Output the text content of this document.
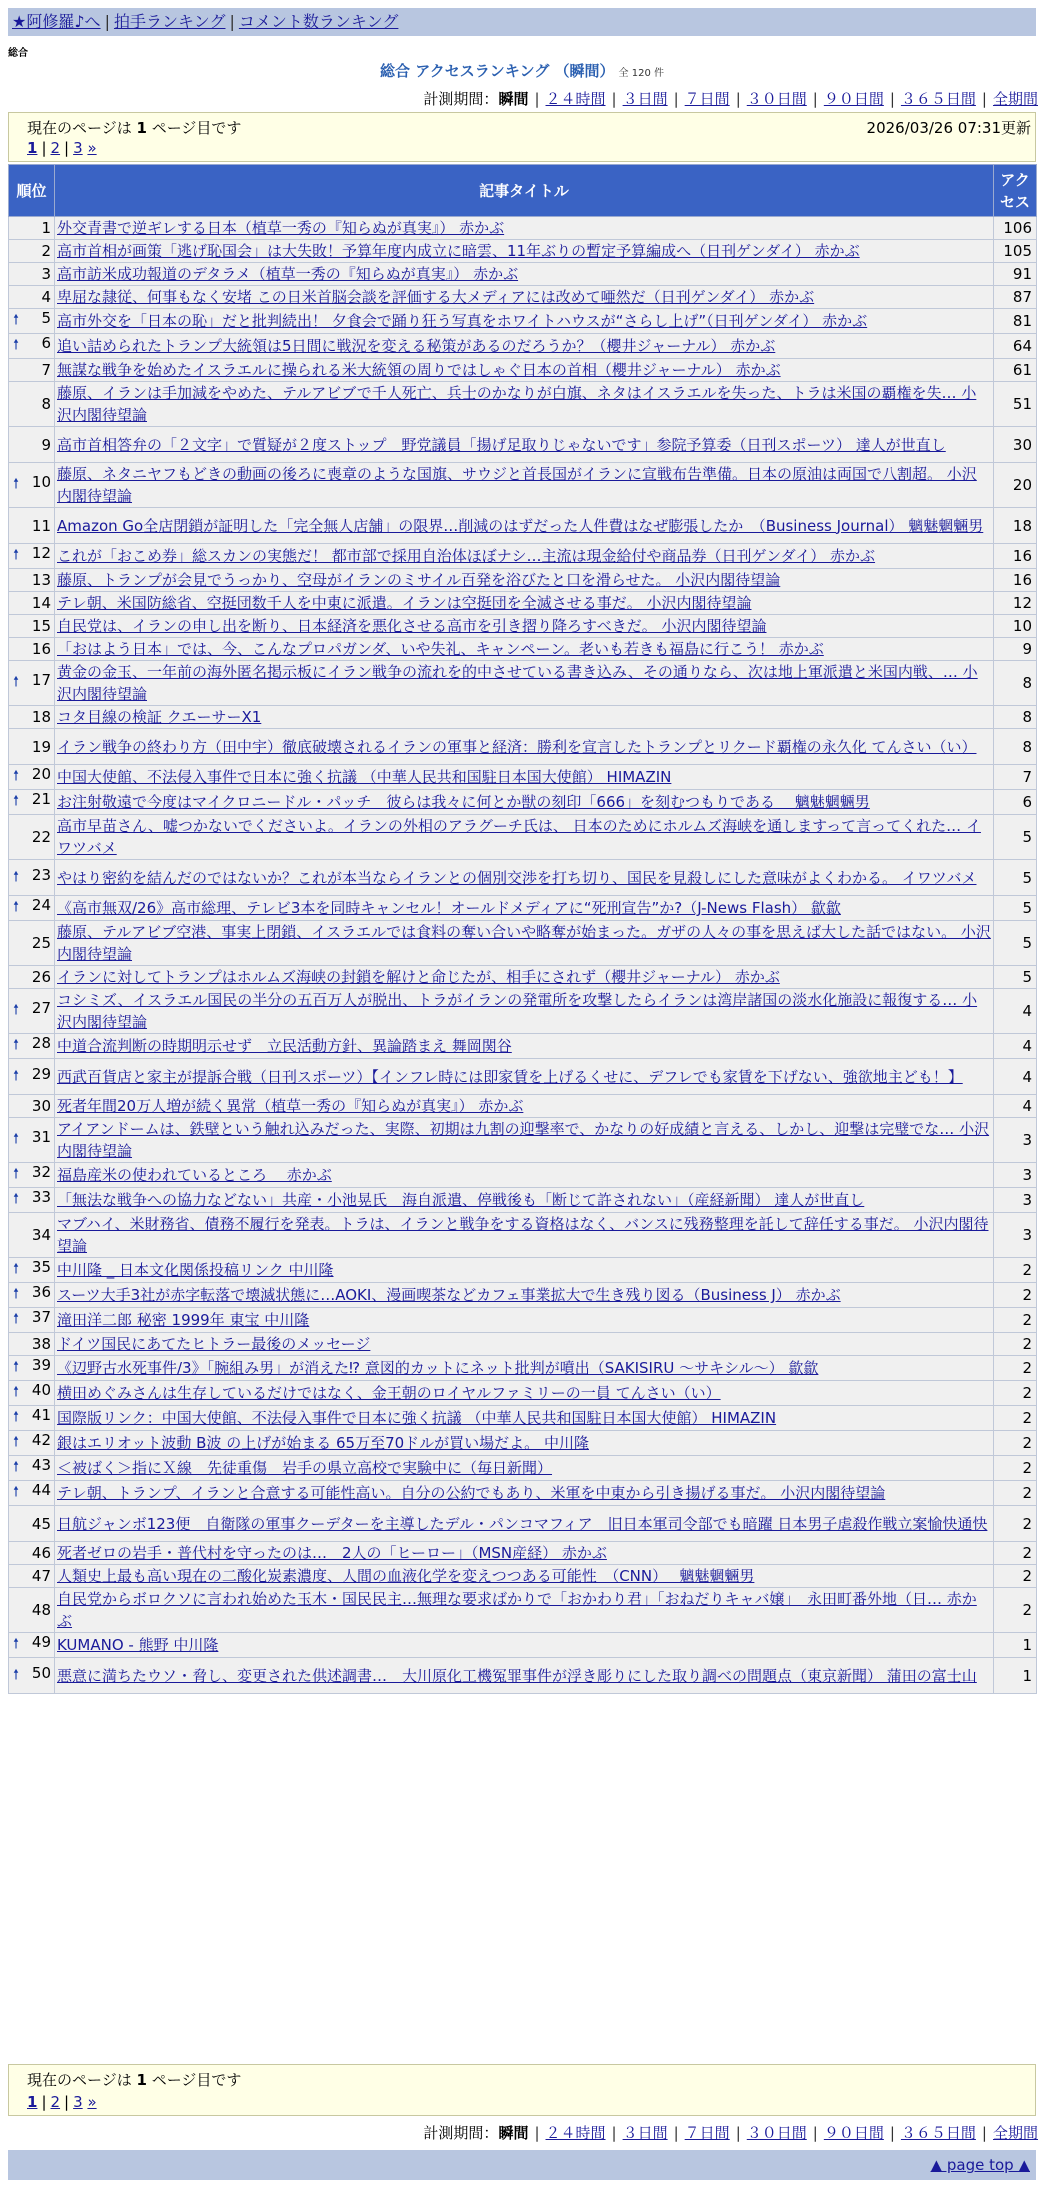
★阿修羅♪へ | 拍手ランキング | コメント数ランキング
総合
総合 アクセスランキング （瞬間） 全 120 件
計測期間：瞬間 | ２４時間 | ３日間 | ７日間 | ３０日間 | ９０日間 | ３６５日間 | 全期間
現在のページは 1 ページ目です	2026/03/26 07:31更新
1 | 2 | 3 »
順位	記事タイトル	アクセス
1	外交青書で逆ギレする日本（植草一秀の『知らぬが真実』） 赤かぶ	106
2	高市首相が画策「逃げ恥国会」は大失敗！予算年度内成立に暗雲、11年ぶりの暫定予算編成へ（日刊ゲンダイ） 赤かぶ	105
3	高市訪米成功報道のデタラメ（植草一秀の『知らぬが真実』） 赤かぶ	91
4	卑屈な隷従、何事もなく安堵 この日米首脳会談を評価する大メディアには改めて唖然だ（日刊ゲンダイ） 赤かぶ	87

🠕 5	高市外交を「日本の恥」だと批判続出！ 夕食会で踊り狂う写真をホワイトハウスが“さらし上げ”（日刊ゲンダイ） 赤かぶ	81

🠕 6	追い詰められたトランプ大統領は5日間に戦況を変える秘策があるのだろうか？（櫻井ジャーナル） 赤かぶ	64
7	無謀な戦争を始めたイスラエルに操られる米大統領の周りではしゃぐ日本の首相（櫻井ジャーナル） 赤かぶ	61
8	藤原、イランは手加減をやめた、テルアビブで千人死亡、兵士のかなりが白旗、ネタはイスラエルを失った、トラは米国の覇権を失… 小沢内閣待望論	51
9	高市首相答弁の「２文字」で質疑が２度ストップ　野党議員「揚げ足取りじゃないです」参院予算委（日刊スポーツ） 達人が世直し	30

🠕 10	藤原、ネタニヤフもどきの動画の後ろに喪章のような国旗、サウジと首長国がイランに宣戦布告準備。日本の原油は両国で八割超。 小沢内閣待望論	20
11	Amazon Go全店閉鎖が証明した「完全無人店舗」の限界…削減のはずだった人件費はなぜ膨張したか　（Business Journal） 魑魅魍魎男	18

🠕 12	これが「おこめ券」総スカンの実態だ！ 都市部で採用自治体ほぼナシ…主流は現金給付や商品券（日刊ゲンダイ） 赤かぶ	16
13	藤原、トランプが会見でうっかり、空母がイランのミサイル百発を浴びたと口を滑らせた。 小沢内閣待望論	16
14	テレ朝、米国防総省、空挺団数千人を中東に派遣。イランは空挺団を全滅させる事だ。 小沢内閣待望論	12
15	自民党は、イランの申し出を断り、日本経済を悪化させる高市を引き摺り降ろすべきだ。 小沢内閣待望論	10
16	「おはよう日本」では、今、こんなプロパガンダ、いや失礼、キャンペーン。老いも若きも福島に行こう！ 赤かぶ	9

🠕 17	黄金の金玉、一年前の海外匿名掲示板にイラン戦争の流れを的中させている書き込み、その通りなら、次は地上軍派遣と米国内戦、… 小沢内閣待望論	8
18	コタ目線の検証 クエーサーX1	8
19	イラン戦争の終わり方（田中宇）徹底破壊されるイランの軍事と経済：勝利を宣言したトランプとリクード覇権の永久化 てんさい（い）	8

🠕 20	中国大使館、不法侵入事件で日本に強く抗議 （中華人民共和国駐日本国大使館） HIMAZIN	7

🠕 21	お注射敬遠で今度はマイクロニードル・パッチ　彼らは我々に何とか獣の刻印「666」を刻むつもりである　 魑魅魍魎男	6
22	高市早苗さん、嘘つかないでくださいよ。イランの外相のアラグーチ氏は、 日本のためにホルムズ海峡を通しますって言ってくれた… イワツバメ	5

🠕 23	やはり密約を結んだのではないか？これが本当ならイランとの個別交渉を打ち切り、国民を見殺しにした意味がよくわかる。 イワツバメ	5

🠕 24	《高市無双/26》高市総理、テレビ3本を同時キャンセル！オールドメディアに“死刑宣告”か?（J-News Flash） 歙歙	5
25	藤原、テルアビブ空港、事実上閉鎖、イスラエルでは食料の奪い合いや略奪が始まった。ガザの人々の事を思えば大した話ではない。 小沢内閣待望論	5
26	イランに対してトランプはホルムズ海峡の封鎖を解けと命じたが、相手にされず（櫻井ジャーナル） 赤かぶ	5

🠕 27	コシミズ、イスラエル国民の半分の五百万人が脱出、トラがイランの発電所を攻撃したらイランは湾岸諸国の淡水化施設に報復する… 小沢内閣待望論	4

🠕 28	中道合流判断の時期明示せず　立民活動方針、異論踏まえ 舞岡関谷	4

🠕 29	西武百貨店と家主が提訴合戦（日刊スポーツ）【インフレ時には即家賃を上げるくせに、デフレでも家賃を下げない、強欲地主ども！】	4
30	死者年間20万人増が続く異常（植草一秀の『知らぬが真実』） 赤かぶ	4

🠕 31	アイアンドームは、鉄壁という触れ込みだった、実際、初期は九割の迎撃率で、かなりの好成績と言える、しかし、迎撃は完璧でな… 小沢内閣待望論	3

🠕 32	福島産米の使われているところ　 赤かぶ	3

🠕 33	「無法な戦争への協力などない」共産・小池晃氏　海自派遣、停戦後も「断じて許されない」（産経新聞） 達人が世直し	3
34	マブハイ、米財務省、債務不履行を発表。トラは、イランと戦争をする資格はなく、バンスに残務整理を託して辞任する事だ。 小沢内閣待望論	3

🠕 35	中川隆 _ 日本文化関係投稿リンク 中川隆	2

🠕 36	スーツ大手3社が赤字転落で壊滅状態に…AOKI、漫画喫茶などカフェ事業拡大で生き残り図る（Business J） 赤かぶ	2

🠕 37	滝田洋二郎 秘密 1999年 東宝 中川隆	2
38	ドイツ国民にあてたヒトラー最後のメッセージ	2

🠕 39	《辺野古水死事件/3》「腕組み男」が消えた⁉ 意図的カットにネット批判が噴出（SAKISIRU 〜サキシル〜） 歙歙	2

🠕 40	横田めぐみさんは生存しているだけではなく、金王朝のロイヤルファミリーの一員 てんさい（い）	2

🠕 41	国際版リンク：中国大使館、不法侵入事件で日本に強く抗議 （中華人民共和国駐日本国大使館） HIMAZIN	2

🠕 42	銀はエリオット波動 B波 の上げが始まる 65万至70ドルが買い場だよ。 中川隆	2

🠕 43	＜被ばく＞指にＸ線　先徒重傷　岩手の県立高校で実験中に（毎日新聞）	2

🠕 44	テレ朝、トランプ、イランと合意する可能性高い。自分の公約でもあり、米軍を中東から引き揚げる事だ。 小沢内閣待望論	2
45	日航ジャンボ123便　自衛隊の軍事クーデターを主導したデル・パンコマフィア　旧日本軍司令部でも暗躍 日本男子虐殺作戦立案愉快通快	2
46	死者ゼロの岩手・普代村を守ったのは…　2人の「ヒーロー」（MSN産経） 赤かぶ	2
47	人類史上最も高い現在の二酸化炭素濃度、人間の血液化学を変えつつある可能性　（CNN）　 魑魅魍魎男	2
48	自民党からボロクソに言われ始めた玉木・国民民主…無理な要求ばかりで「おかわり君」「おねだりキャバ嬢」　永田町番外地（日… 赤かぶ	2

🠕 49	KUMANO - 熊野 中川隆	1

🠕 50	悪意に満ちたウソ・脅し、変更された供述調書…　大川原化工機冤罪事件が浮き彫りにした取り調べの問題点（東京新聞） 蒲田の富士山	1
現在のページは 1 ページ目です
1 | 2 | 3 »
計測期間：瞬間 | ２４時間 | ３日間 | ７日間 | ３０日間 | ９０日間 | ３６５日間 | 全期間
▲ page top ▲
